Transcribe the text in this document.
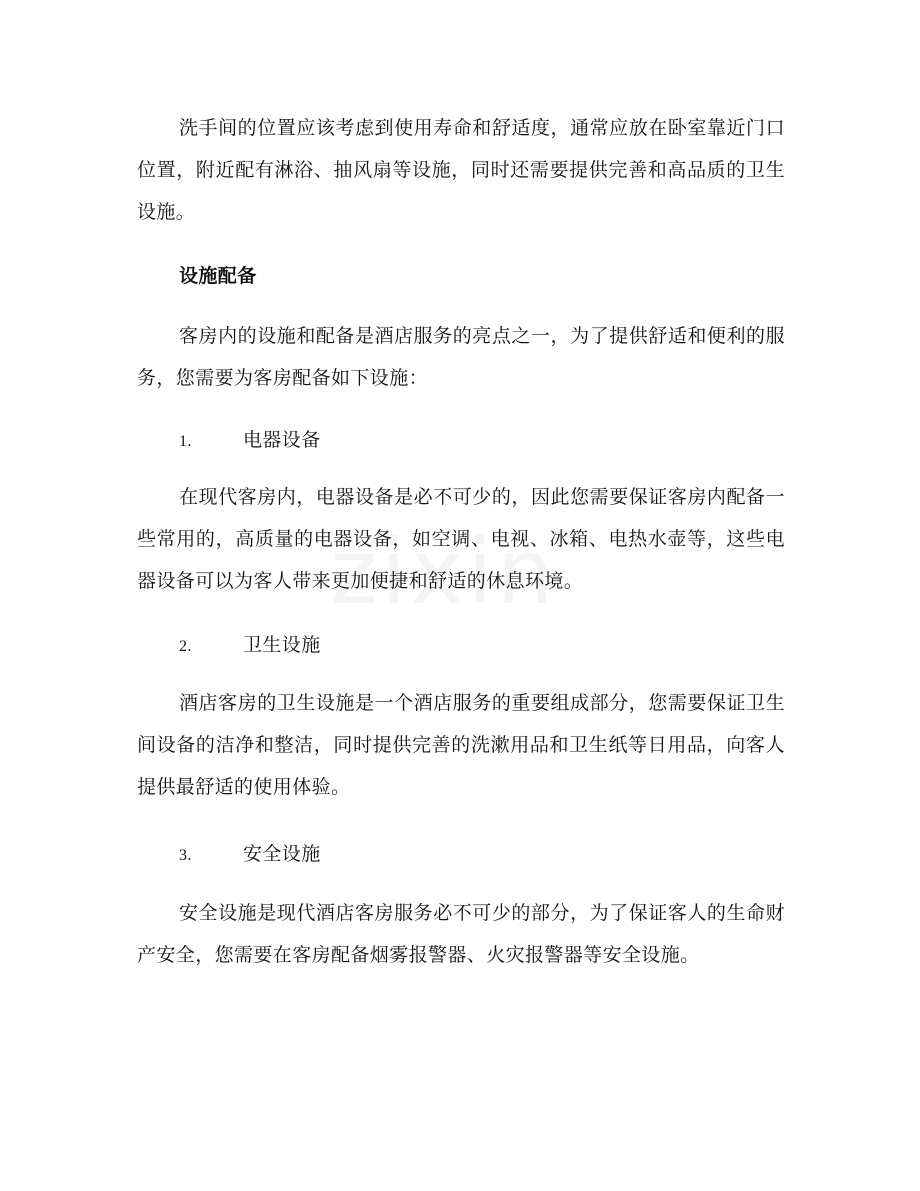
洗手间的位置应该考虑到使用寿命和舒适度，通常应放在卧室靠近门口位置，附近配有淋浴、抽风扇等设施，同时还需要提供完善和高品质的卫生设施。

设施配备

客房内的设施和配备是酒店服务的亮点之一，为了提供舒适和便利的服务，您需要为客房配备如下设施：

1.	电器设备

在现代客房内，电器设备是必不可少的，因此您需要保证客房内配备一些常用的，高质量的电器设备，如空调、电视、冰箱、电热水壶等，这些电器设备可以为客人带来更加便捷和舒适的休息环境。

2.	卫生设施

酒店客房的卫生设施是一个酒店服务的重要组成部分，您需要保证卫生间设备的洁净和整洁，同时提供完善的洗漱用品和卫生纸等日用品，向客人提供最舒适的使用体验。

3.	安全设施

安全设施是现代酒店客房服务必不可少的部分，为了保证客人的生命财产安全，您需要在客房配备烟雾报警器、火灾报警器等安全设施。
